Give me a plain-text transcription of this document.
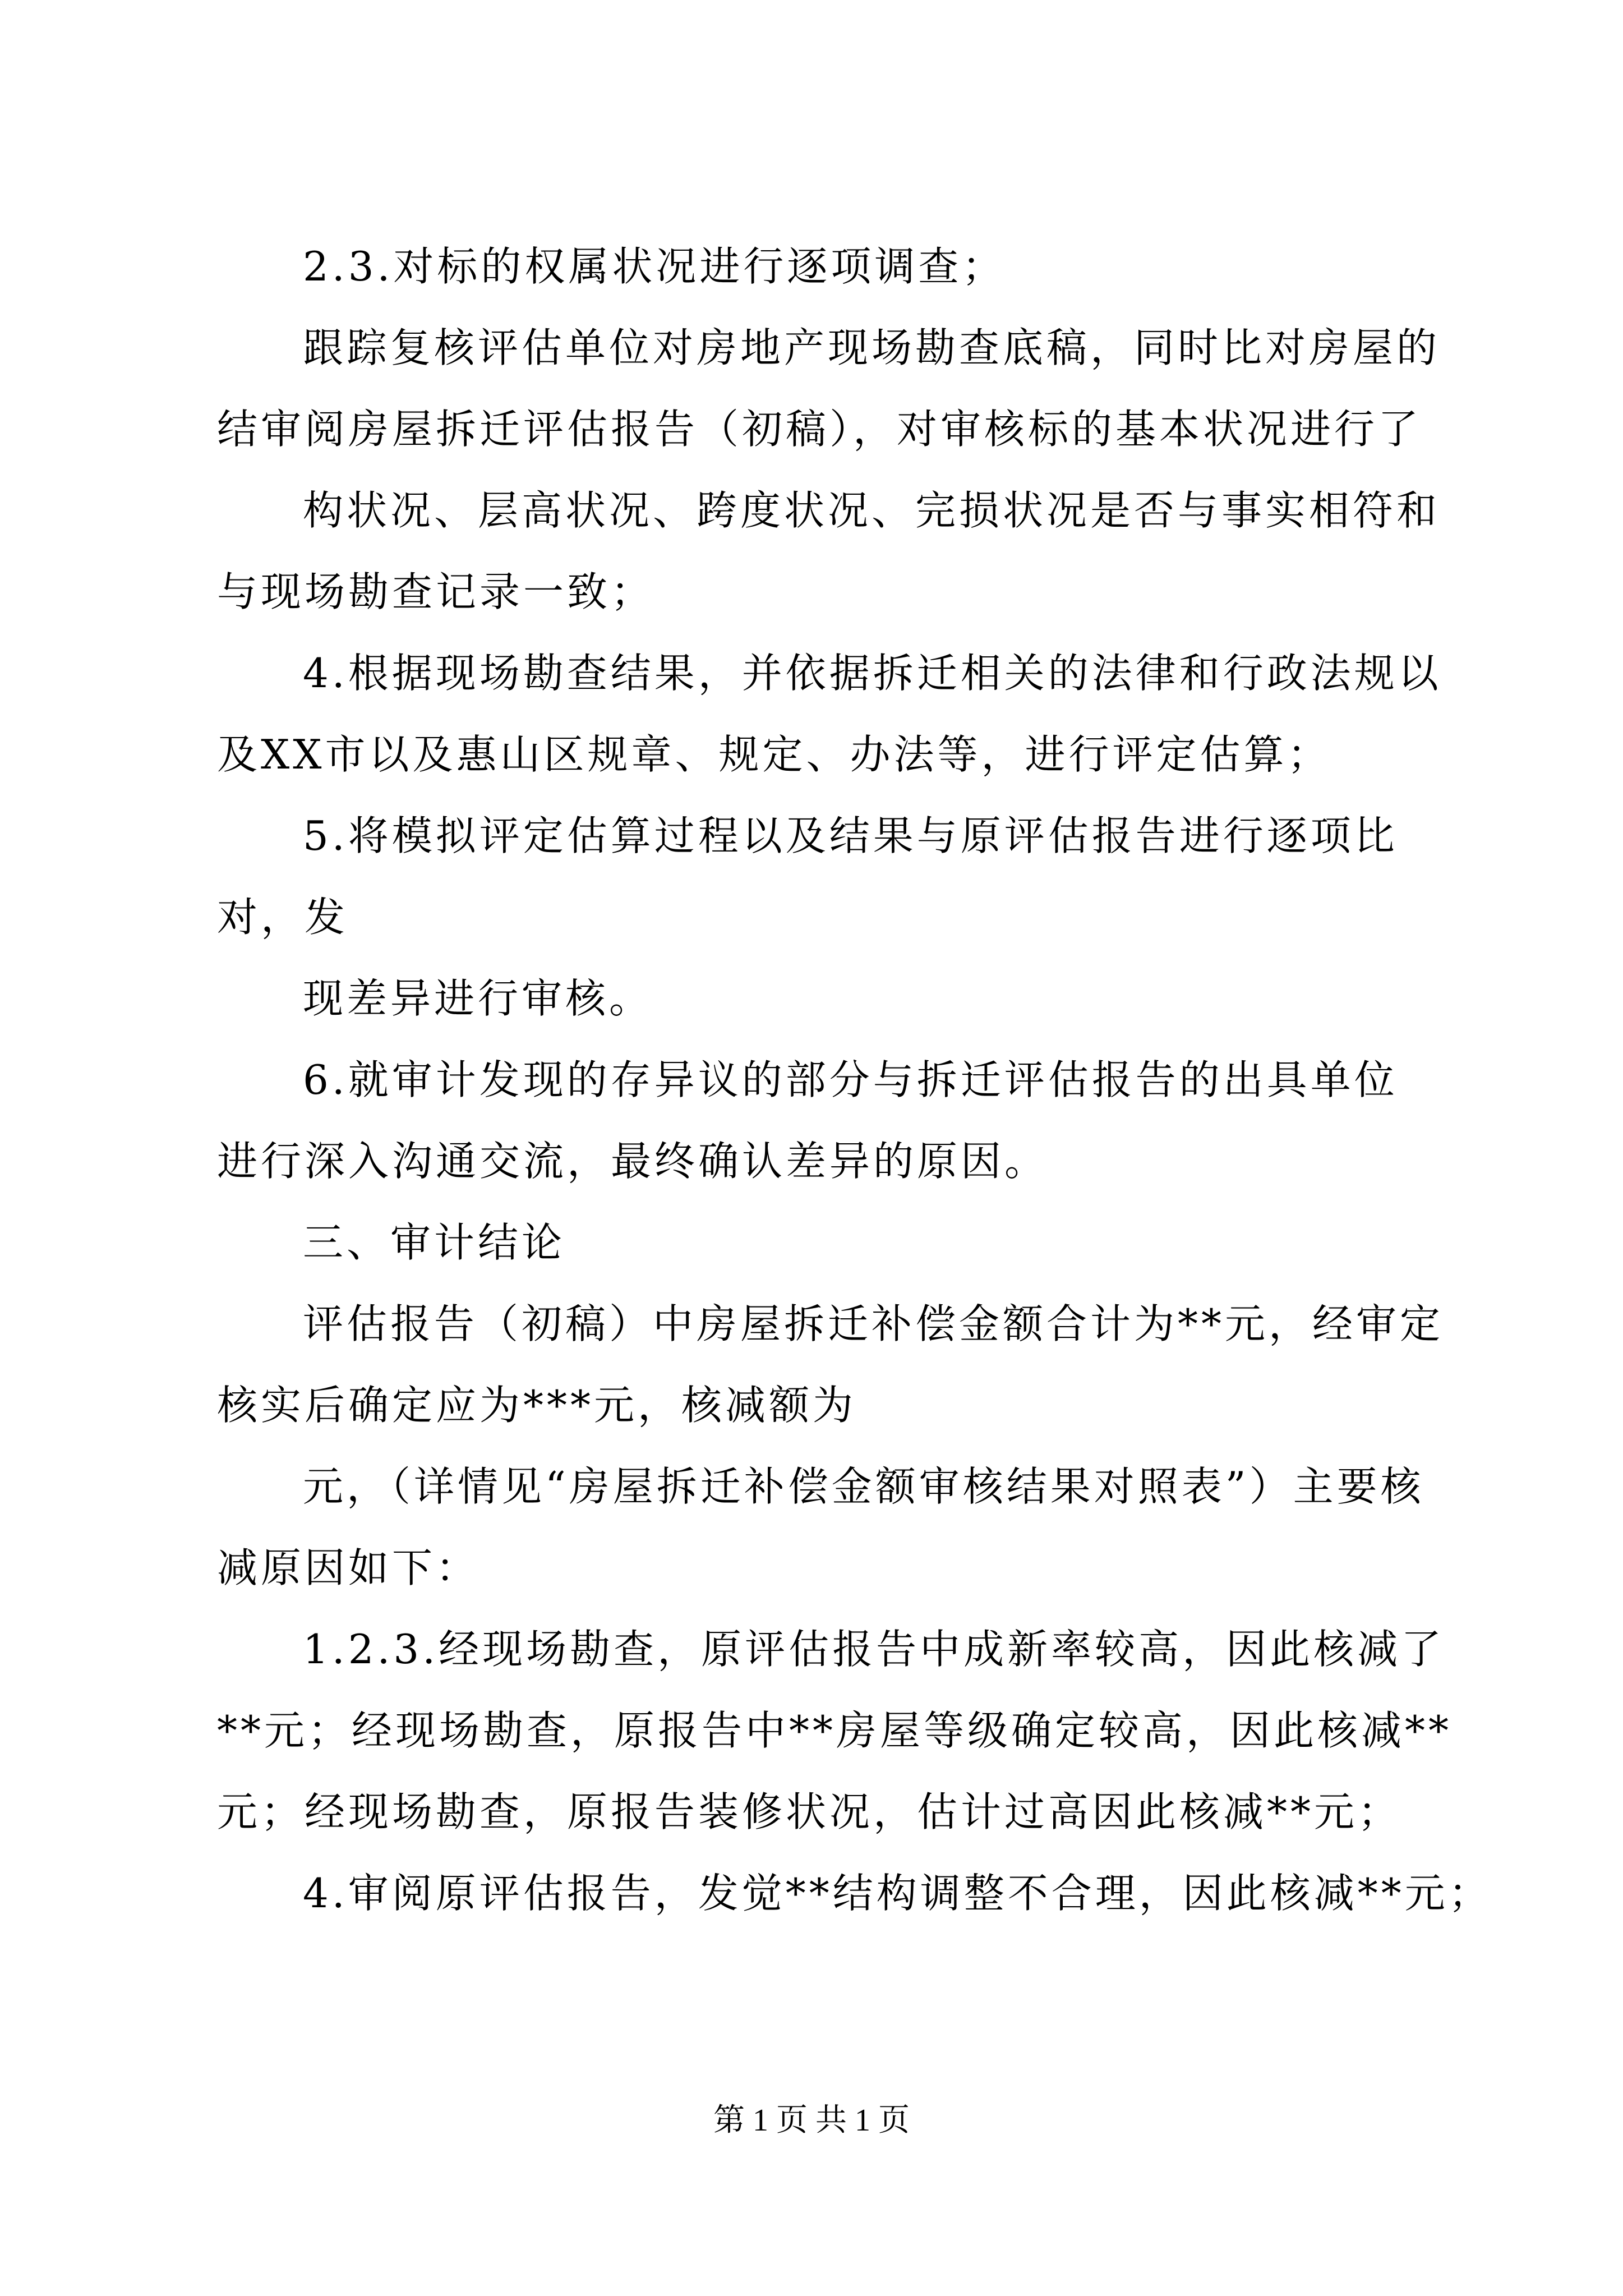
2.3.对标的权属状况进行逐项调查；
跟踪复核评估单位对房地产现场勘查底稿，同时比对房屋的
结审阅房屋拆迁评估报告（初稿），对审核标的基本状况进行了
构状况、层高状况、跨度状况、完损状况是否与事实相符和
与现场勘查记录一致；
4.根据现场勘查结果，并依据拆迁相关的法律和行政法规以
及XX市以及惠山区规章、规定、办法等，进行评定估算；
5.将模拟评定估算过程以及结果与原评估报告进行逐项比
对，发
现差异进行审核。
6.就审计发现的存异议的部分与拆迁评估报告的出具单位
进行深入沟通交流，最终确认差异的原因。
三、审计结论
评估报告（初稿）中房屋拆迁补偿金额合计为**元，经审定
核实后确定应为***元，核减额为
元，（详情见“房屋拆迁补偿金额审核结果对照表”）主要核
减原因如下：
1.2.3.经现场勘查，原评估报告中成新率较高，因此核减了
**元；经现场勘查，原报告中**房屋等级确定较高，因此核减**
元；经现场勘查，原报告装修状况，估计过高因此核减**元；
4.审阅原评估报告，发觉**结构调整不合理，因此核减**元；
第 1 页 共 1 页
